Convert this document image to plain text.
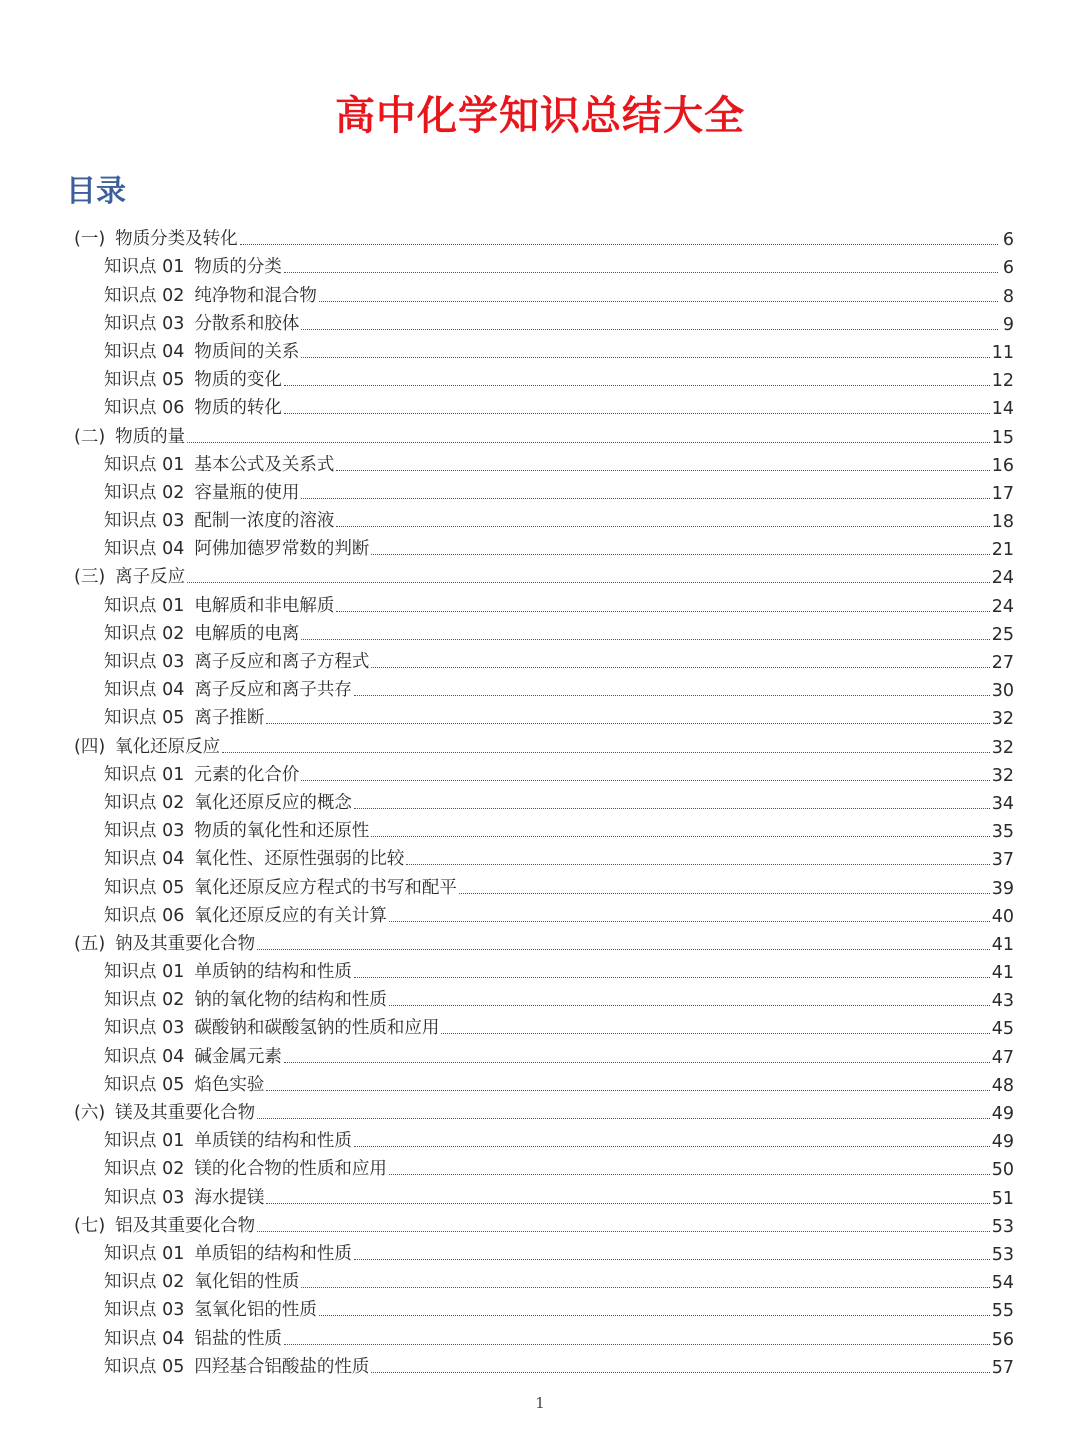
高中化学知识总结大全
目录
(一) 物质分类及转化	6
知识点 01 物质的分类	6
知识点 02 纯净物和混合物	8
知识点 03 分散系和胶体	9
知识点 04 物质间的关系	11
知识点 05 物质的变化	12
知识点 06 物质的转化	14
(二) 物质的量	15
知识点 01 基本公式及关系式	16
知识点 02 容量瓶的使用	17
知识点 03 配制一浓度的溶液	18
知识点 04 阿佛加德罗常数的判断	21
(三) 离子反应	24
知识点 01 电解质和非电解质	24
知识点 02 电解质的电离	25
知识点 03 离子反应和离子方程式	27
知识点 04 离子反应和离子共存	30
知识点 05 离子推断	32
(四) 氧化还原反应	32
知识点 01 元素的化合价	32
知识点 02 氧化还原反应的概念	34
知识点 03 物质的氧化性和还原性	35
知识点 04 氧化性、还原性强弱的比较	37
知识点 05 氧化还原反应方程式的书写和配平	39
知识点 06 氧化还原反应的有关计算	40
(五) 钠及其重要化合物	41
知识点 01 单质钠的结构和性质	41
知识点 02 钠的氧化物的结构和性质	43
知识点 03 碳酸钠和碳酸氢钠的性质和应用	45
知识点 04 碱金属元素	47
知识点 05 焰色实验	48
(六) 镁及其重要化合物	49
知识点 01 单质镁的结构和性质	49
知识点 02 镁的化合物的性质和应用	50
知识点 03 海水提镁	51
(七) 铝及其重要化合物	53
知识点 01 单质铝的结构和性质	53
知识点 02 氧化铝的性质	54
知识点 03 氢氧化铝的性质	55
知识点 04 铝盐的性质	56
知识点 05 四羟基合铝酸盐的性质	57
1
